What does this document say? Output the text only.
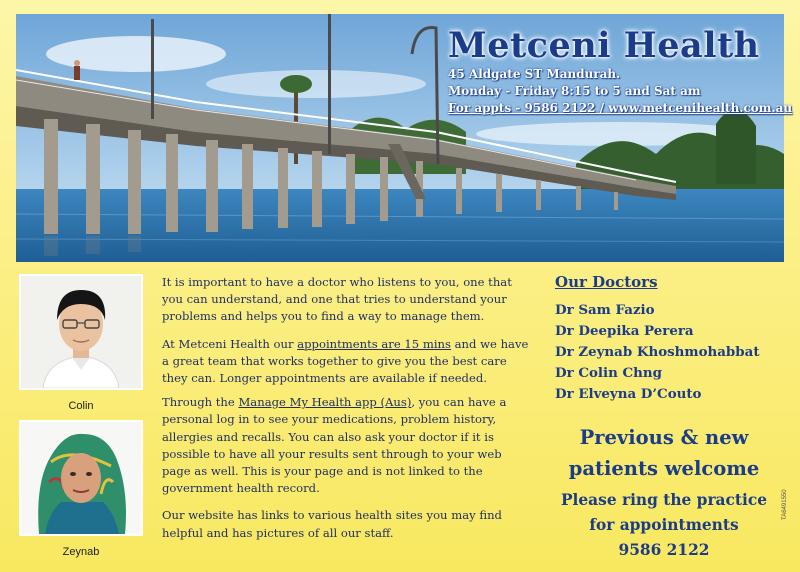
Metceni Health
45 Aldgate ST Mandurah.
Monday - Friday 8:15 to 5 and Sat am
For appts - 9586 2122 / www.metcenihealth.com.au
Colin
Zeynab

It is important to have a doctor who listens to you, one that you can understand, and one that tries to understand your problems and helps you to find a way to manage them.

At Metceni Health our appointments are 15 mins and we have a great team that works together to give you the best care they can. Longer appointments are available if needed.

Through the Manage My Health app (Aus), you can have a personal log in to see your medications, problem history, allergies and recalls. You can also ask your doctor if it is possible to have all your results sent through to your web page as well. This is your page and is not linked to the government health record.

Our website has links to various health sites you may find helpful and has pictures of all our staff.

Our Doctors
Dr Sam Fazio
Dr Deepika Perera
Dr Zeynab Khoshmohabbat
Dr Colin Chng
Dr Elveyna D’Couto
Previous & new
patients welcome
Please ring the practice
for appointments
9586 2122
TA6491550
